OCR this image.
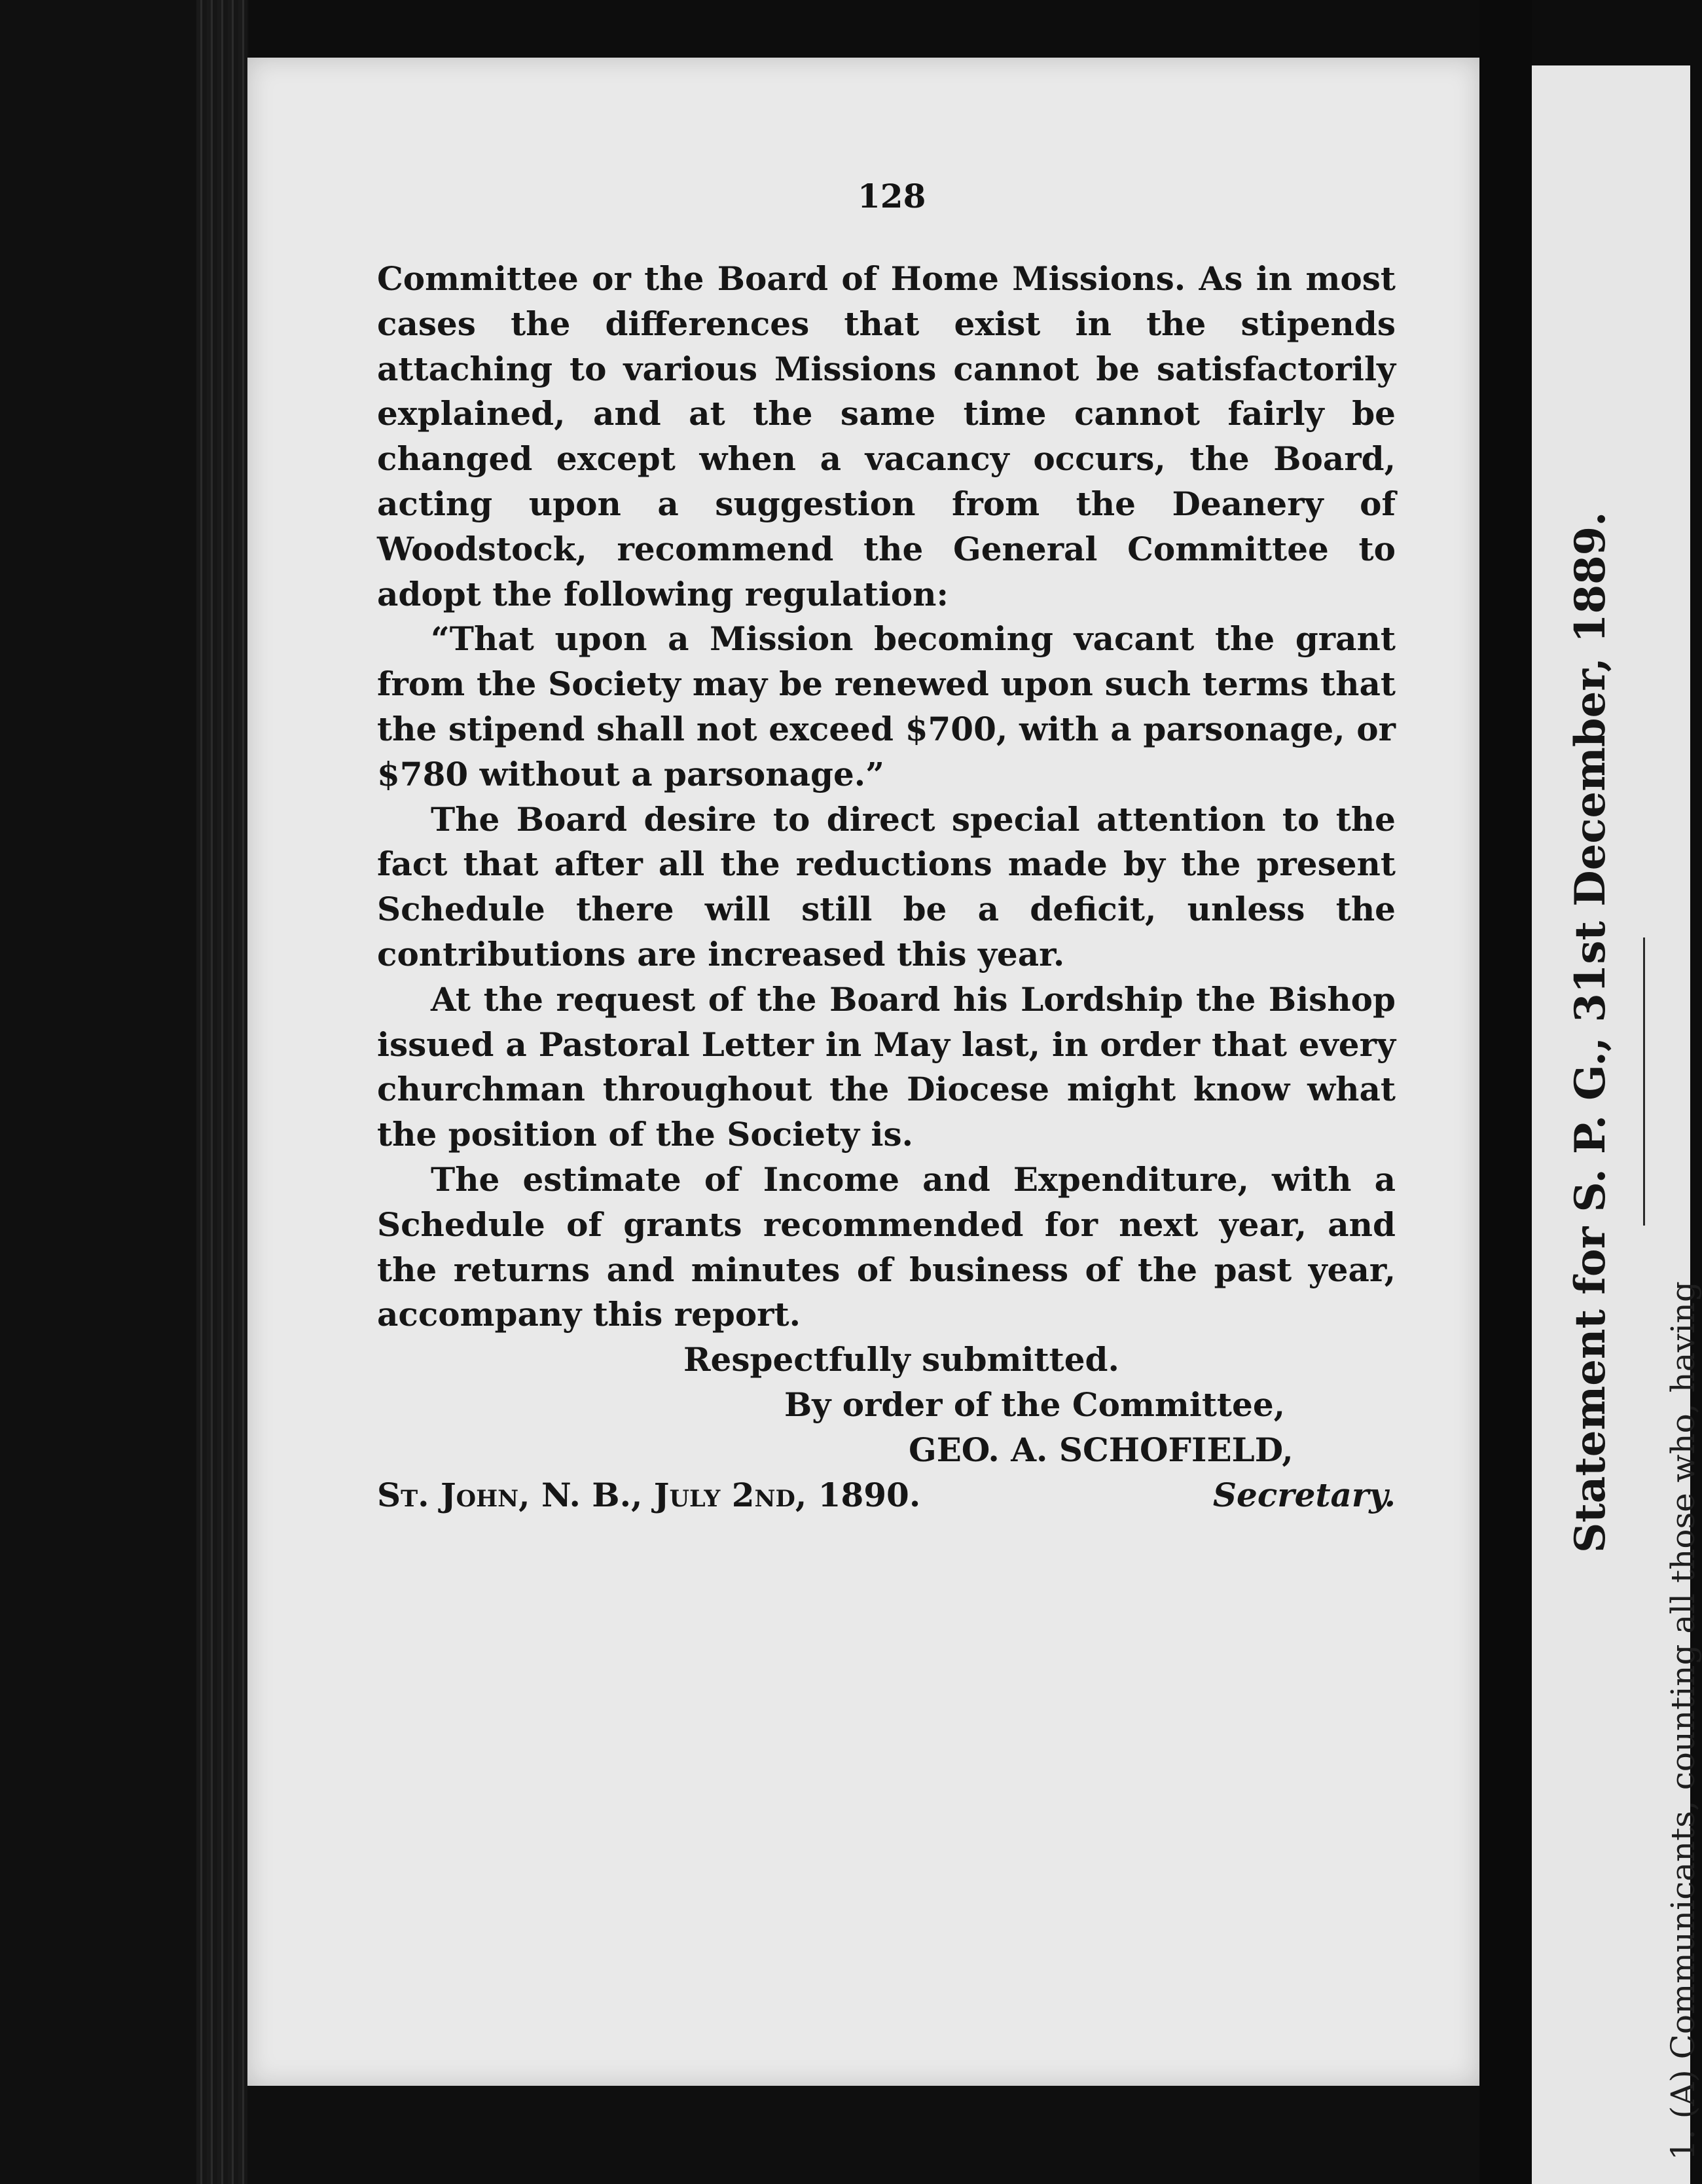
128

Committee or the Board of Home Missions. As in most cases the differences that exist in the stipends attaching to various Missions cannot be satisfactorily explained, and at the same time cannot fairly be changed except when a vacancy occurs, the Board, acting upon a suggestion from the Deanery of Woodstock, recommend the General Committee to adopt the following regulation:

“That upon a Mission becoming vacant the grant from the Society may be renewed upon such terms that the stipend shall not exceed $700, with a parsonage, or $780 without a parsonage.”

The Board desire to direct special attention to the fact that after all the reductions made by the present Schedule there will still be a deficit, unless the contributions are increased this year.

At the request of the Board his Lordship the Bishop issued a Pastoral Letter in May last, in order that every churchman throughout the Diocese might know what the position of the Society is.

The estimate of Income and Expenditure, with a Schedule of grants recommended for next year, and the returns and minutes of business of the past year, accompany this report.

Respectfully submitted.

By order of the Committee,

GEO. A. SCHOFIELD,

St. John, N. B., July 2nd, 1890.	Secretary.	Statement for S. P. G., 31st December, 1889.
1. (A) Communicants, counting all those who, having
